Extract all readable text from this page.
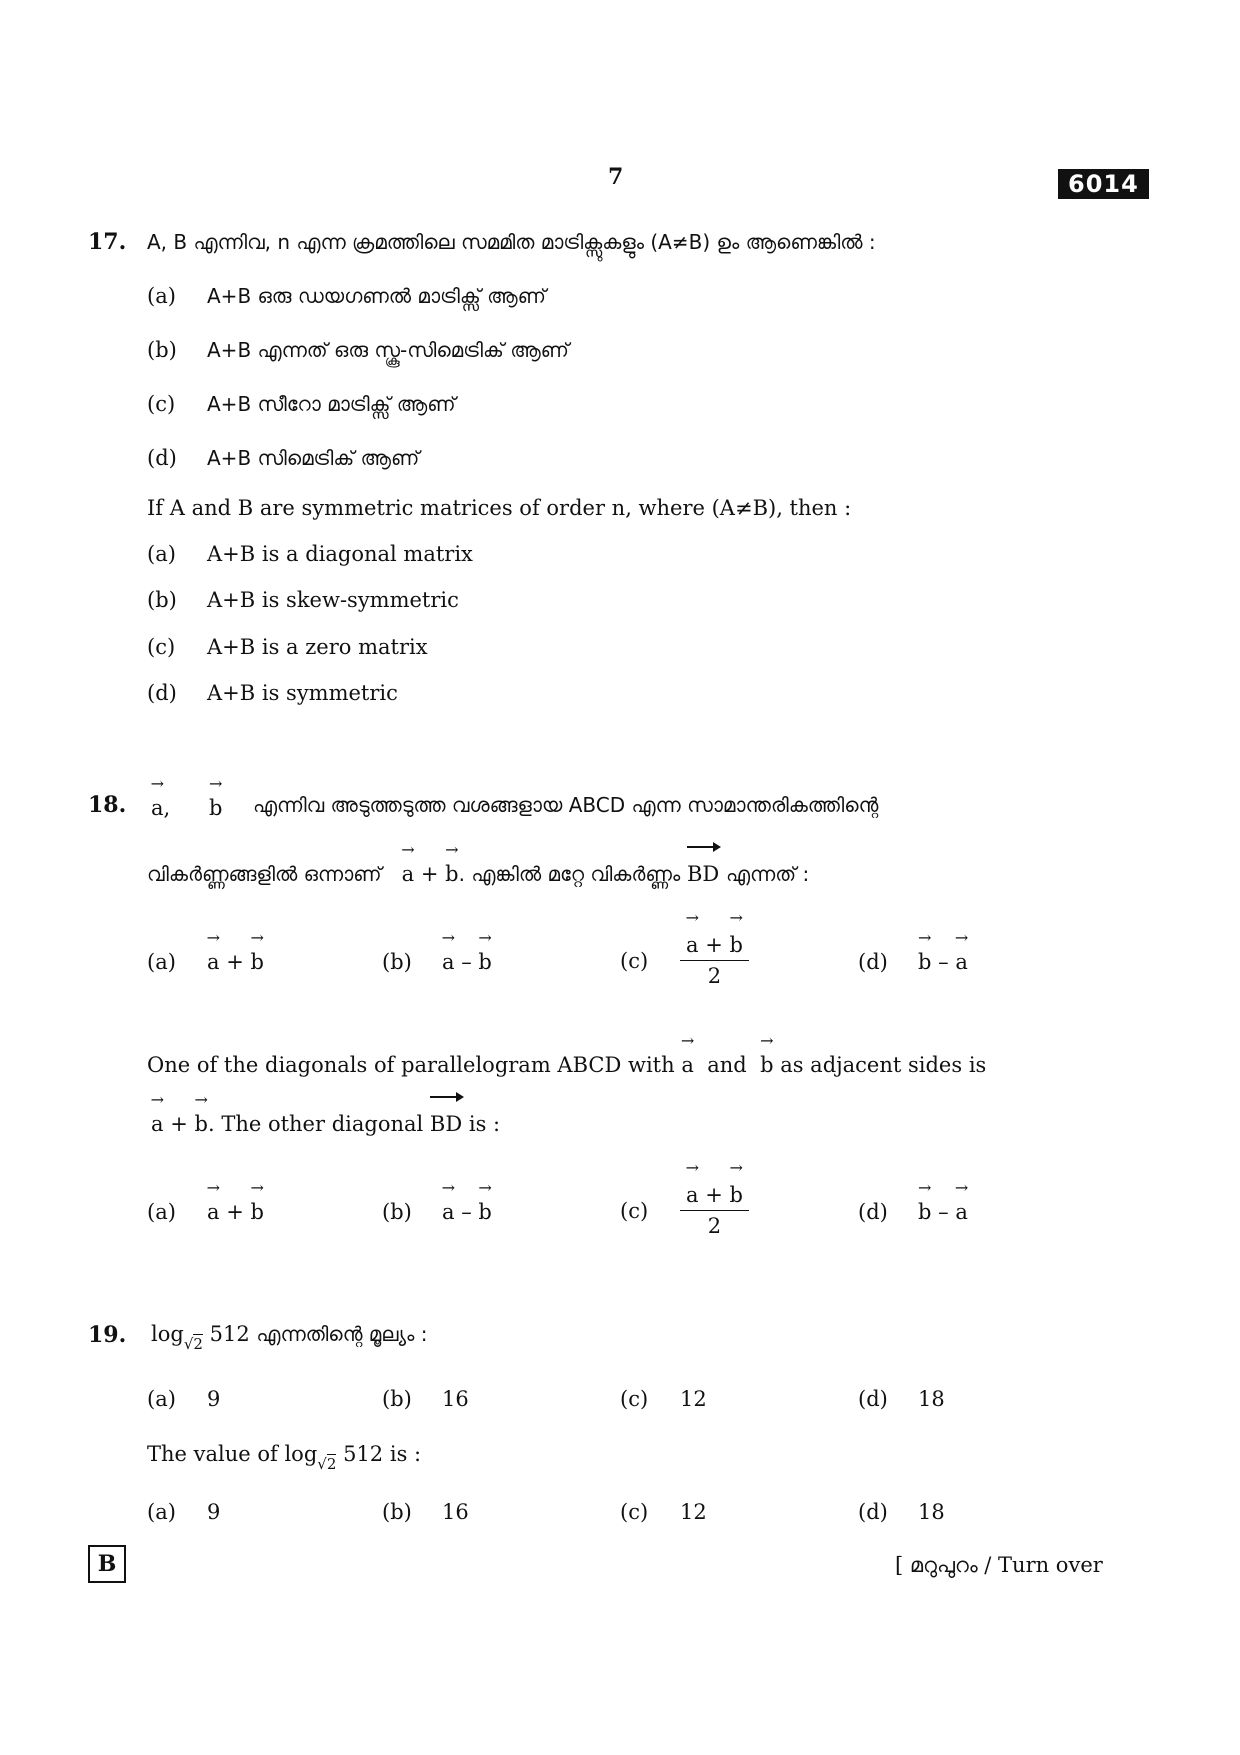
7	6014
17. A, B എന്നിവ, n എന്ന ക്രമത്തിലെ സമമിത മാട്രിക്സുകളും (A≠B) ഉം ആണെങ്കിൽ :
(a) A+B ഒരു ഡയഗണൽ മാട്രിക്സ് ആണ്
(b) A+B എന്നത് ഒരു സ്കൂ-സിമെട്രിക് ആണ്
(c) A+B സീറോ മാട്രിക്സ് ആണ്
(d) A+B സിമെട്രിക് ആണ്
If A and B are symmetric matrices of order n, where (A≠B), then :
(a) A+B is a diagonal matrix
(b) A+B is skew-symmetric
(c) A+B is a zero matrix
(d) A+B is symmetric
18.
→
a,
→
b എന്നിവ അടുത്തടുത്ത വശങ്ങളായ ABCD എന്ന സാമാന്തരികത്തിന്റെ
വികർണ്ണങ്ങളിൽ ഒന്നാണ്
→
a +
→
b. എങ്കിൽ മറ്റേ വികർണ്ണം BD എന്നത് :
(a)
→
a +
→
b	(b)
→
a –
→
b	(c) →
a +
→
b
2	(d)
→
b –
→
a
One of the diagonals of parallelogram ABCD with
→
a and
→
b as adjacent sides is
→
a +
→
b. The other diagonal BD is :
(a)
→
a +
→
b	(b)
→
a –
→
b	(c) →
a +
→
b
2	(d)
→
b –
→
a
19. $\log_{√2} 512$ എന്നതിന്റെ മൂല്യം :
(a) 9	(b) 16	(c) 12	(d) 18
The value of $\log_{√2} 512$ is :
(a) 9	(b) 16	(c) 12	(d) 18
B	[ മറുപുറം / Turn over
